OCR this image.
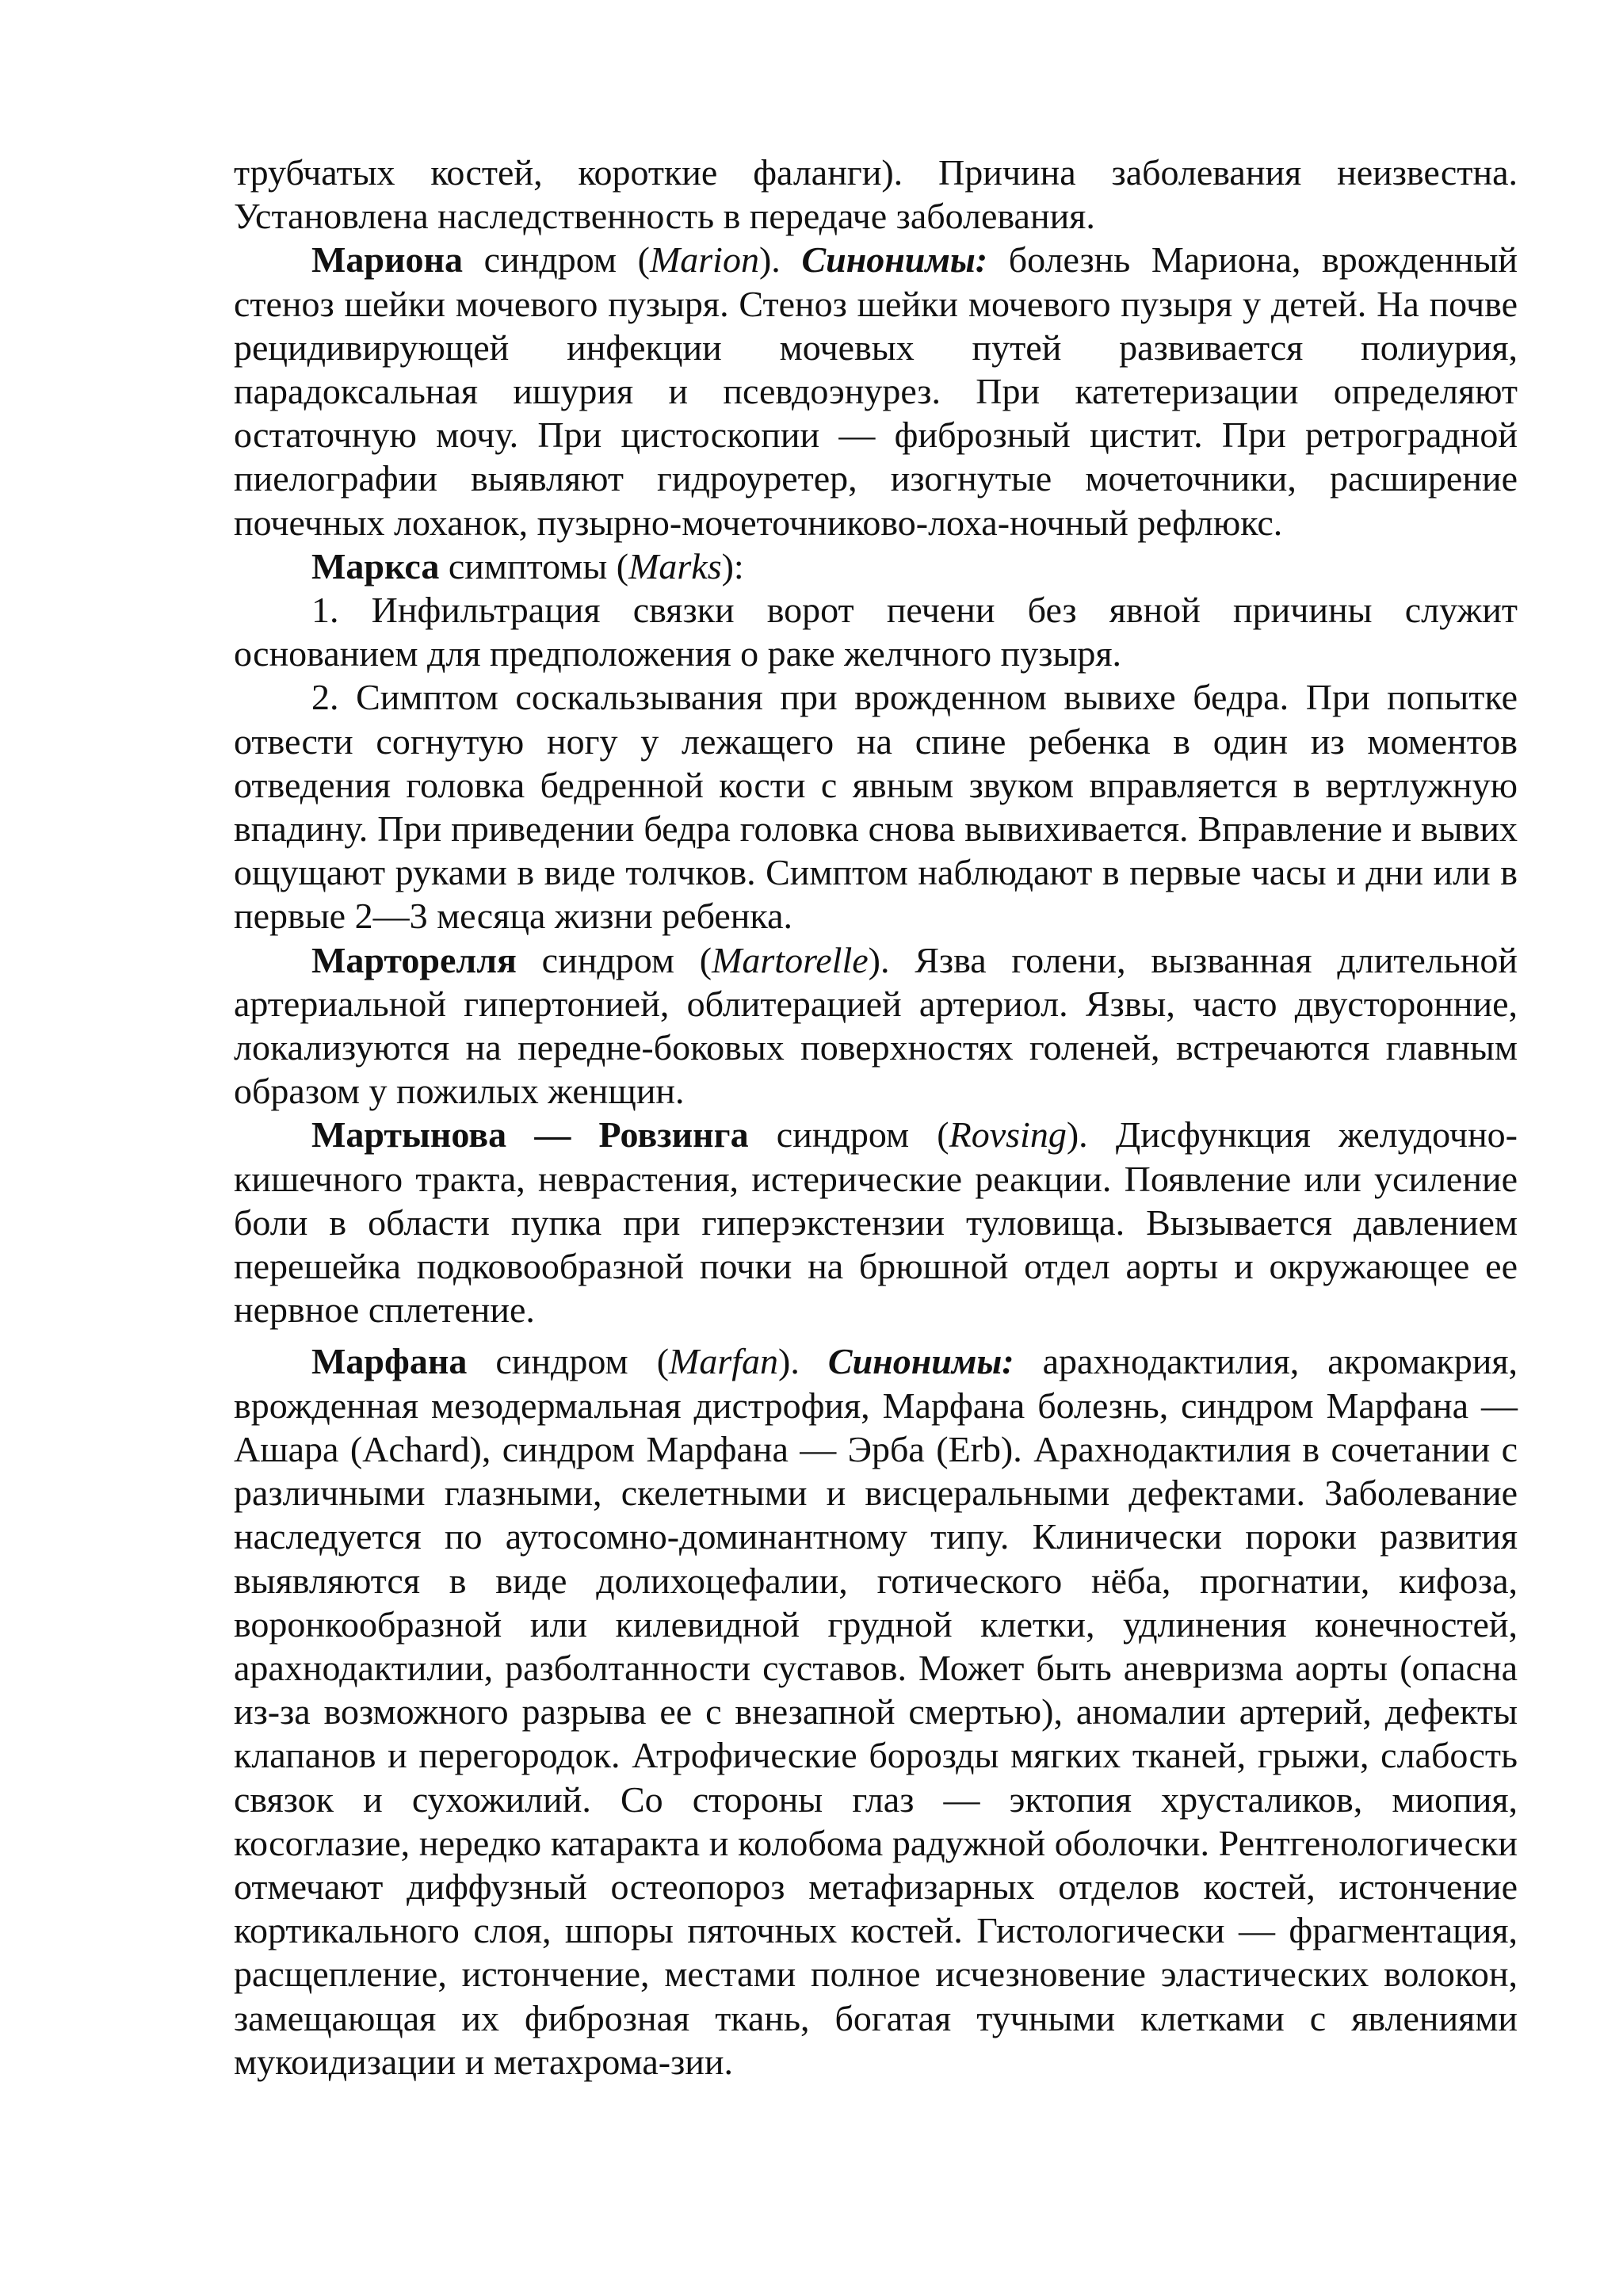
трубчатых костей, короткие фаланги). Причина заболевания неизвестна. Установлена наследственность в передаче заболевания.

Мариона синдром (Marion). Синонимы: болезнь Мариона, врожденный стеноз шейки мочевого пузыря. Стеноз шейки мочевого пузыря у детей. На почве рецидивирующей инфекции мочевых путей развивается полиурия, парадоксальная ишурия и псевдоэнурез. При катетеризации определяют остаточную мочу. При цистоскопии — фиброзный цистит. При ретроградной пиелографии выявляют гидроуретер, изогнутые мочеточники, расширение почечных лоханок, пузырно-мочеточниково-лоха-ночный рефлюкс.

Маркса симптомы (Marks):

1. Инфильтрация связки ворот печени без явной причины служит основанием для предположения о раке желчного пузыря.

2. Симптом соскальзывания при врожденном вывихе бедра. При попытке отвести согнутую ногу у лежащего на спине ребенка в один из моментов отведения головка бедренной кости с явным звуком вправляется в вертлужную впадину. При приведении бедра головка снова вывихивается. Вправление и вывих ощущают руками в виде толчков. Симптом наблюдают в первые часы и дни или в первые 2—3 месяца жизни ребенка.

Марторелля синдром (Martorelle). Язва голени, вызванная длительной артериальной гипертонией, облитерацией артериол. Язвы, часто двусторонние, локализуются на передне-боковых поверхностях голеней, встречаются главным образом у пожилых женщин.

Мартынова — Ровзинга синдром (Rovsing). Дисфункция желудочно-кишечного тракта, неврастения, истерические реакции. Появление или усиление боли в области пупка при гиперэкстензии туловища. Вызывается давлением перешейка подковообразной почки на брюшной отдел аорты и окружающее ее нервное сплетение.

Марфана синдром (Marfan). Синонимы: арахнодактилия, акромакрия, врожденная мезодермальная дистрофия, Марфана болезнь, синдром Марфана — Ашара (Achard), синдром Марфана — Эрба (Erb). Арахнодактилия в сочетании с различными глазными, скелетными и висцеральными дефектами. Заболевание наследуется по аутосомно-доминантному типу. Клинически пороки развития выявляются в виде долихоцефалии, готического нёба, прогнатии, кифоза, воронкообразной или килевидной грудной клетки, удлинения конечностей, арахнодактилии, разболтанности суставов. Может быть аневризма аорты (опасна из-за возможного разрыва ее с внезапной смертью), аномалии артерий, дефекты клапанов и перегородок. Атрофические борозды мягких тканей, грыжи, слабость связок и сухожилий. Со стороны глаз — эктопия хрусталиков, миопия, косоглазие, нередко катаракта и колобома радужной оболочки. Рентгенологически отмечают диффузный остеопороз метафизарных отделов костей, истончение кортикального слоя, шпоры пяточных костей. Гистологически — фрагментация, расщепление, истончение, местами полное исчезновение эластических волокон, замещающая их фиброзная ткань, богатая тучными клетками с явлениями мукоидизации и метахрома-зии.
